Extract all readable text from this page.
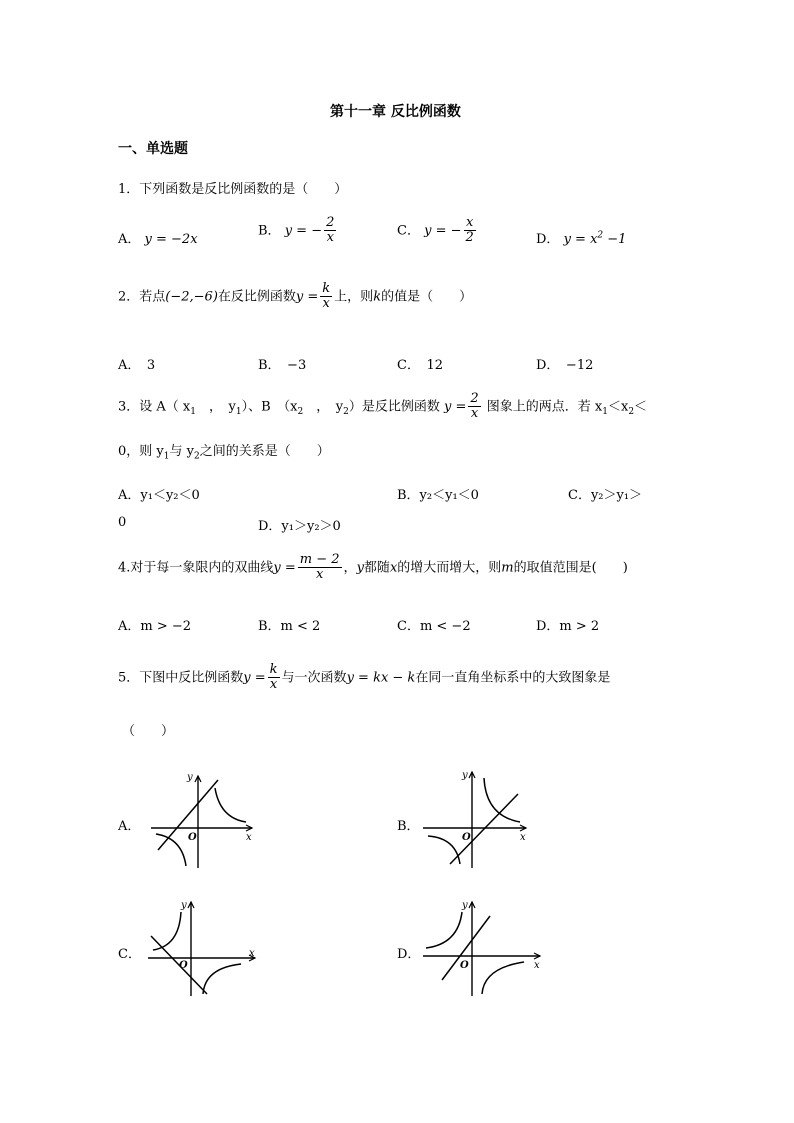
第十一章 反比例函数
一、单选题
1．下列函数是反比例函数的是（　　）
A． y = −2x
B． y = − $\frac{2}{x}$	C． y = − $\frac{x}{2}$	D． $y = x^2 -1$
2．若点(−2,−6)在反比例函数$y = \frac{k}{x}$ 上，则k的值是（　　）
A．　3	B．　−3	C．　12	D．　−12
3．设 A（ $x_1$　，　$y_1$）、B　（$x_2$　，　$y_2$）是反比例函数 $y = \frac{2}{x}$ 图象上的两点．若 $x_1<x_2<$
0，则 $y_1$与 $y_2$之间的关系是（　　）
A．y₁＜y₂＜0	B．y₂＜y₁＜0	C．y₂＞y₁＞
0	D．y₁＞y₂＞0
4.对于每一象限内的双曲线$y = \frac{m - 2}{x}$ ，y都随x的增大而增大，则m的取值范围是(　　)
A．m > −2	B．m < 2	C．m < −2	D．m > 2
5．下图中反比例函数$y = \frac{k}{x}$ 与一次函数y = kx − k在同一直角坐标系中的大致图象是
（　　）
A．	B．
C．	D．
x
y
O	x
y
O
x
y
O	x
y
O
